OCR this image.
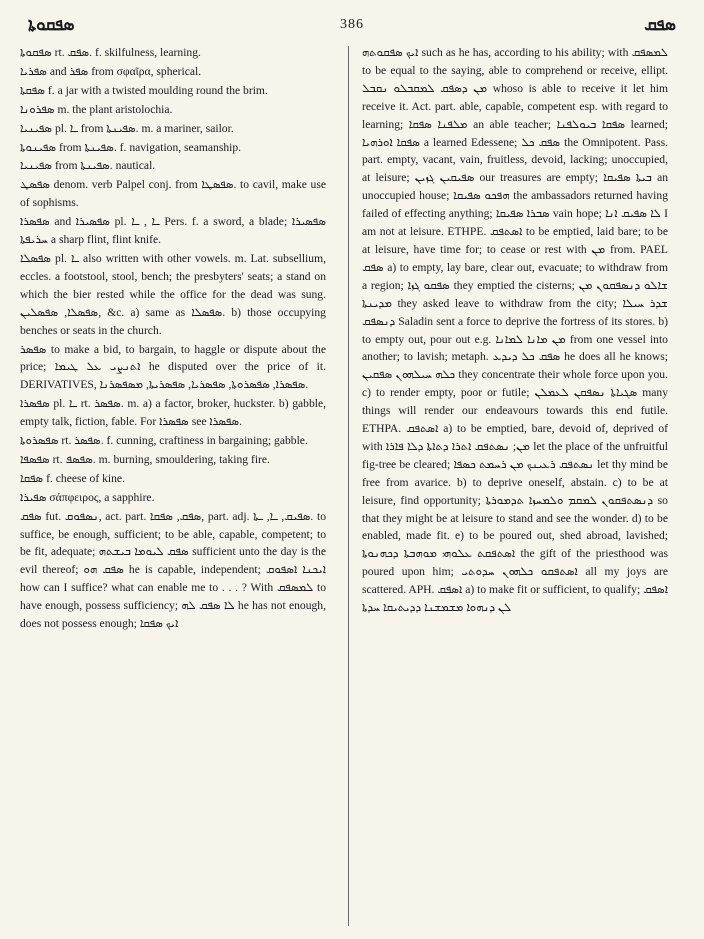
ܣܦܩܘܬܐ	386	ܣܦܩ

ܣܦܩܘܬܐ rt. ܣܦܩ. f. skilfulness, learning.

ܣܦܪܝܐ and ܣܦܪ from σφαῖρα, spherical.

ܣܦܩܬܐ f. a jar with a twisted moulding round the brim.

ܣܦܪܘܢܐ m. the plant aristolochia.

ܣܦܝܢܝܐ pl. ـܐ from ܣܦܝܢܬܐ. m. a mariner, sailor.

ܣܦܝܢܘܬܐ from ܣܦܝܢܬܐ. f. navigation, seamanship.

ܣܦܝܢܝܐ from ܣܦܝܢܬܐ. nautical.

ܣܦܣܛ denom. verb Palpel conj. from ܣܦܣܛܐ. to cavil, make use of sophisms.

ܣܦܣܪܐ and ܣܦܣܝܪܐ pl. ـܐ , ـܐ Pers. f. a sword, a blade; ܣܦܣܝܪܐ ܚܪܝܦܬܐ a sharp flint, flint knife.

ܣܦܣܠܐ pl. ـܐ also written with other vowels. m. Lat. subsellium, eccles. a footstool, stool, bench; the presbyters' seats; a stand on which the bier rested while the office for the dead was sung. ܣܦܣܠܐ, ܣܦܣܠܝܢ, &c. a) same as ܣܦܣܠܐ. b) those occupying benches or seats in the church.

ܣܦܣܪ to make a bid, to bargain, to haggle or dispute about the price; ܐܬܢܨܝ ܥܠ ܛܝܡܐ he disputed over the price of it. DERIVATIVES, ܣܦܣܪܐ, ܣܦܣܪܘܬܐ, ܣܦܣܪܝܐ, ܣܦܣܪܝܬܐ, ܡܣܦܣܪܢܐ.

ܣܦܣܪܐ pl. ـܐ rt. ܣܦܣܪ. m. a) a factor, broker, huckster. b) gabble, empty talk, fiction, fable. For ܣܦܣܪܐ see ܣܦܣܪܐ.

ܣܦܣܪܘܬܐ rt. ܣܦܣܪ. f. cunning, craftiness in bargaining; gabble.

ܣܦܣܦܐ rt. ܣܦܣܦ. m. burning, smouldering, taking fire.

ܣܦܩܐ f. cheese of kine.

ܣܦܝܪܐ σάπφειρος, a sapphire.

ܣܦܩ fut. ܢܣܦܘܩ, act. part. ܣܦܩ, ܣܦܩܐ, part. adj. ܣܦܝܩ, ـܐ, ـܬܐ. to suffice, be enough, sufficient; to be able, capable, competent; to be fit, adequate; ܣܦܩ ܠܝܘܡܐ ܒܝܫܬܗ sufficient unto the day is the evil thereof; ܣܦܩ ܗܘ he is capable, independent; ܐܝܟܢܐ ܐܣܦܘܩ how can I suffice? what can enable me to . . . ? With ܠܡܣܦܩ to have enough, possess sufficiency; ܠܐ ܣܦܩ ܠܗ he has not enough, does not possess enough; ܐܝܟ ܣܦܩܐ

ܐܝܟ ܣܦܩܘܬܗ such as he has, according to his ability; with ܠܡܣܦܩ to be equal to the saying, able to comprehend or receive, ellipt. ܡܢ ܕܣܦܩ ܠܡܩܒܠܘ ܢܩܒܠ whoso is able to receive it let him receive it. Act. part. able, capable, competent esp. with regard to learning; ܡܠܦܢܐ ܣܦܩܐ an able teacher; ܣܦܩܐ ܒܝܘܠܦܢܐ learned; ܣܦܩܐ ܐܘܪܗܝܐ a learned Edessene; ܣܦܩ ܟܠ the Omnipotent. Pass. part. empty, vacant, vain, fruitless, devoid, lacking; unoccupied, at leisure; ܣܦܝܩܝܢ ܓܙܝܢ our treasures are empty; ܒܝܬܐ ܣܦܝܩܐ an unoccupied house; ܗܦܟܘ ܣܦܝܩܐ the ambassadors returned having failed of effecting anything; ܣܒܪܐ ܣܦܝܩܐ vain hope; ܠܐ ܣܦܝܩ ܐܢܐ I am not at leisure. ETHPE. ܐܣܬܦܩ to be emptied, laid bare; to be at leisure, have time for; to cease or rest with ܡܢ from. PAEL ܣܦܩ a) to empty, lay bare, clear out, evacuate; to withdraw from a region; ܣܦܩܘ ܓܙܐ they emptied the cisterns; ܫܐܠܘ ܕܢܣܦܩܘܢ ܡܢ ܡܕܝܢܬܐ they asked leave to withdraw from the city; ܫܕܪ ܚܝܠܐ ܕܢܣܦܩ Saladin sent a force to deprive the fortress of its stores. b) to empty out, pour out e.g. ܡܢ ܡܐܢܐ ܠܡܐܢܐ from one vessel into another; to lavish; metaph. ܣܦܩ ܟܠ ܕܝܕܥ he does all he knows; ܟܠܗ ܚܝܠܗܘܢ ܣܦܩܝܢ they concentrate their whole force upon you. c) to render empty, poor or futile; ܣܓܝܐܬܐ ܢܣܦܩܢ ܠܥܡܠܢ many things will render our endeavours towards this end futile. ETHPA. ܐܣܬܦܩ a) to be emptied, bare, devoid of, deprived of with ܡܢ; ܢܣܬܦܩ ܐܬܪܐ ܕܬܐܬܐ ܕܠܐ ܦܐܪܐ let the place of the unfruitful fig-tree be cleared; ܢܣܬܦܩ ܪܥܝܢܟ ܡܢ ܪܚܡܬ ܟܣܦܐ let thy mind be free from avarice. b) to deprive oneself, abstain. c) to be at leisure, find opportunity; ܕܢܣܬܦܩܘܢ ܠܡܩܡ ܘܠܡܚܙܐ ܬܕܡܘܪܬܐ so that they might be at leisure to stand and see the wonder. d) to be enabled, made fit. e) to be poured out, shed abroad, lavished; ܐܣܬܦܩܬ ܥܠܘܗܝ ܡܘܗܒܬܐ ܕܟܗܢܘܬܐ the gift of the priesthood was poured upon him; ܐܣܬܦܩܘ ܟܠܗܘܢ ܚܕܘܬܝ all my joys are scattered. APH. ܐܣܦܩ a) to make fit or sufficient, to qualify; ܐܣܦܩ ܠܢ ܕܢܗܘܐ ܡܫܡܫܢܐ ܕܕܝܬܝܩܐ ܚܕܬܐ
